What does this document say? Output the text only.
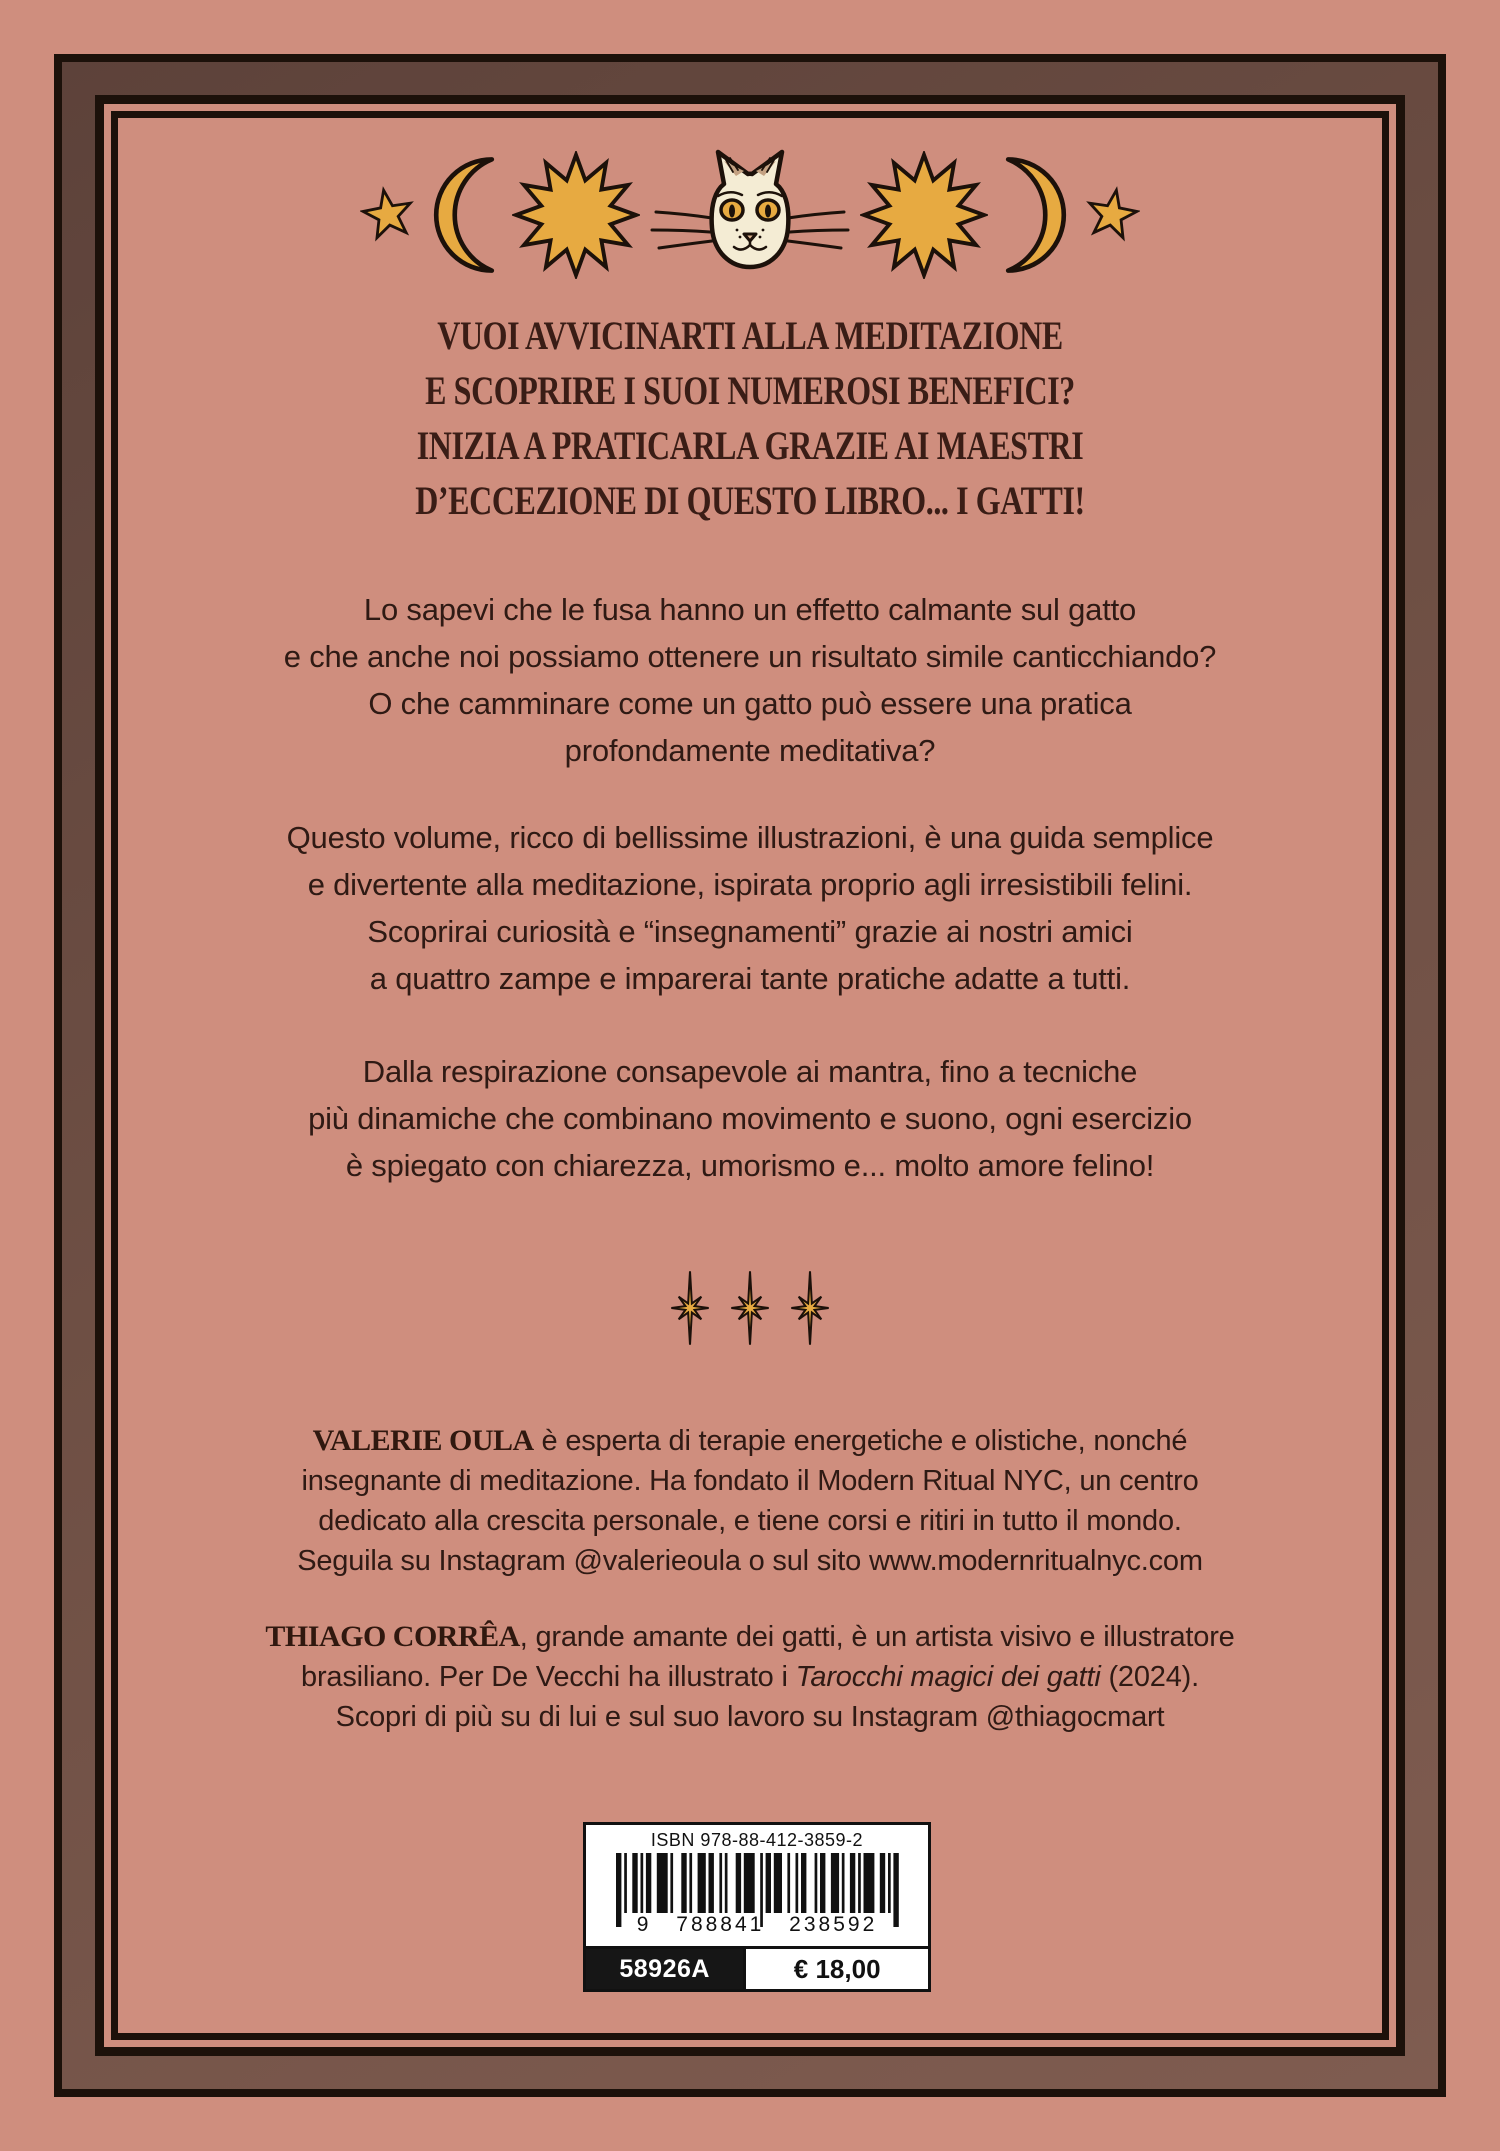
VUOI AVVICINARTI ALLA MEDITAZIONE
E SCOPRIRE I SUOI NUMEROSI BENEFICI?
INIZIA A PRATICARLA GRAZIE AI MAESTRI
D’ECCEZIONE DI QUESTO LIBRO... I GATTI!
Lo sapevi che le fusa hanno un effetto calmante sul gatto
e che anche noi possiamo ottenere un risultato simile canticchiando?
O che camminare come un gatto può essere una pratica
profondamente meditativa?
Questo volume, ricco di bellissime illustrazioni, è una guida semplice
e divertente alla meditazione, ispirata proprio agli irresistibili felini.
Scoprirai curiosità e “insegnamenti” grazie ai nostri amici
a quattro zampe e imparerai tante pratiche adatte a tutti.
Dalla respirazione consapevole ai mantra, fino a tecniche
più dinamiche che combinano movimento e suono, ogni esercizio
è spiegato con chiarezza, umorismo e... molto amore felino!
VALERIE OULA è esperta di terapie energetiche e olistiche, nonché
insegnante di meditazione. Ha fondato il Modern Ritual NYC, un centro
dedicato alla crescita personale, e tiene corsi e ritiri in tutto il mondo.
Seguila su Instagram @valerieoula o sul sito www.modernritualnyc.com
THIAGO CORRÊA, grande amante dei gatti, è un artista visivo e illustratore
brasiliano. Per De Vecchi ha illustrato i Tarocchi magici dei gatti (2024).
Scopri di più su di lui e sul suo lavoro su Instagram @thiagocmart
ISBN 978-88-412-3859-2
9 788841 238592
58926A	€ 18,00
